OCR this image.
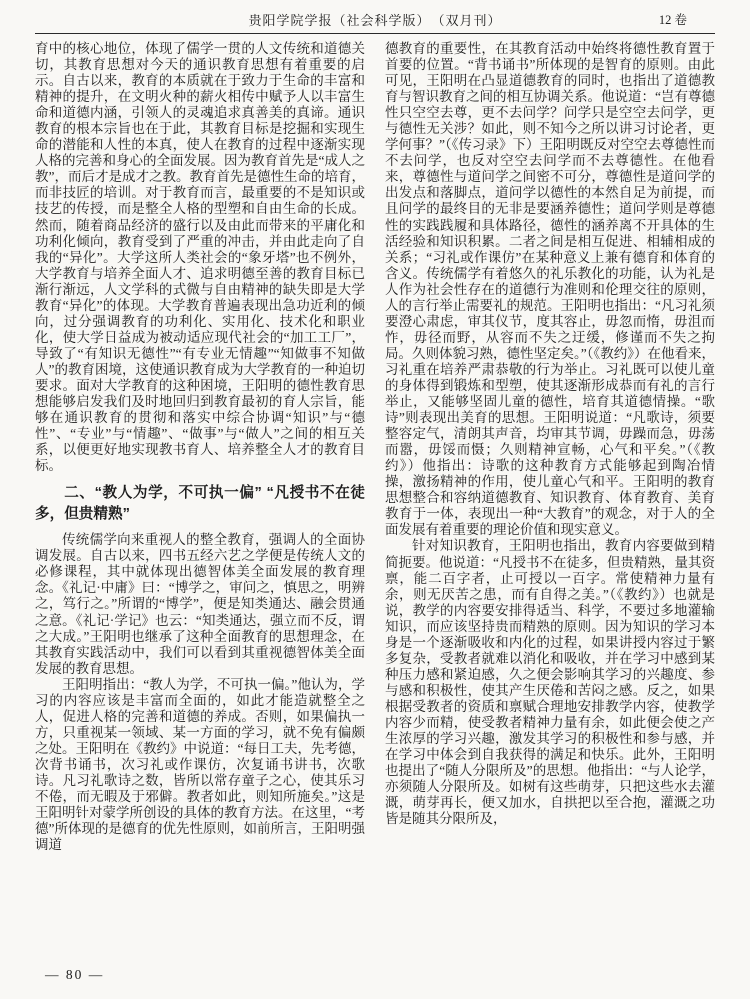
贵阳学院学报（社会科学版）　（双月刊）	12 卷

育中的核心地位，体现了儒学一贯的人文传统和道德关切，其教育思想对今天的通识教育思想有着重要的启示。自古以来，教育的本质就在于致力于生命的丰富和精神的提升，在文明火种的薪火相传中赋予人以丰富生命和道德内涵，引领人的灵魂追求真善美的真谛。通识教育的根本宗旨也在于此，其教育目标是挖掘和实现生命的潜能和人性的本真，使人在教育的过程中逐渐实现人格的完善和身心的全面发展。因为教育首先是“成人之教”，而后才是成才之教。教育首先是德性生命的培育，而非技匠的培训。对于教育而言，最重要的不是知识或技艺的传授，而是整全人格的型塑和自由生命的长成。然而，随着商品经济的盛行以及由此而带来的平庸化和功利化倾向，教育受到了严重的冲击，并由此走向了自我的“异化”。大学这所人类社会的“象牙塔”也不例外，大学教育与培养全面人才、追求明德至善的教育目标已渐行渐远，人文学科的式微与自由精神的缺失即是大学教育“异化”的体现。大学教育普遍表现出急功近利的倾向，过分强调教育的功利化、实用化、技术化和职业化，使大学日益成为被动适应现代社会的“加工工厂”，导致了“有知识无德性”“有专业无情趣”“知做事不知做人”的教育困境，这使通识教育成为大学教育的一种迫切要求。面对大学教育的这种困境，王阳明的德性教育思想能够启发我们及时地回归到教育最初的育人宗旨，能够在通识教育的贯彻和落实中综合协调“知识”与“德性”、“专业”与“情趣”、“做事”与“做人”之间的相互关系，以便更好地实现教书育人、培养整全人才的教育目标。

二、“教人为学，不可执一偏” “凡授书不在徒多，但贵精熟”

传统儒学向来重视人的整全教育，强调人的全面协调发展。自古以来，四书五经六艺之学便是传统人文的必修课程，其中就体现出德智体美全面发展的教育理念。《礼记·中庸》曰：“博学之，审问之，慎思之，明辨之，笃行之。”所谓的“博学”，便是知类通达、融会贯通之意。《礼记·学记》也云：“知类通达，强立而不反，谓之大成。”王阳明也继承了这种全面教育的思想理念，在其教育实践活动中，我们可以看到其重视德智体美全面发展的教育思想。

王阳明指出：“教人为学，不可执一偏。”他认为，学习的内容应该是丰富而全面的，如此才能造就整全之人，促进人格的完善和道德的养成。否则，如果偏执一方，只重视某一领域、某一方面的学习，就不免有偏颇之处。王阳明在《教约》中说道：“每日工夫，先考德，次背书诵书，次习礼或作课仿，次复诵书讲书，次歌诗。凡习礼歌诗之数，皆所以常存童子之心，使其乐习不倦，而无暇及于邪僻。教者如此，则知所施矣。”这是王阳明针对蒙学所创设的具体的教育方法。在这里，“考德”所体现的是德育的优先性原则，如前所言，王阳明强调道

德教育的重要性，在其教育活动中始终将德性教育置于首要的位置。“背书诵书”所体现的是智育的原则。由此可见，王阳明在凸显道德教育的同时，也指出了道德教育与智识教育之间的相互协调关系。他说道：“岂有尊德性只空空去尊，更不去问学？问学只是空空去问学，更与德性无关涉？如此，则不知今之所以讲习讨论者，更学何事？”（《传习录》下）王阳明既反对空空去尊德性而不去问学，也反对空空去问学而不去尊德性。在他看来，尊德性与道问学之间密不可分，尊德性是道问学的出发点和落脚点，道问学以德性的本然自足为前提，而且问学的最终目的无非是要涵养德性；道问学则是尊德性的实践践履和具体路径，德性的涵养离不开具体的生活经验和知识积累。二者之间是相互促进、相辅相成的关系；“习礼或作课仿”在某种意义上兼有德育和体育的含义。传统儒学有着悠久的礼乐教化的功能，认为礼是人作为社会性存在的道德行为准则和伦理交往的原则，人的言行举止需要礼的规范。王阳明也指出：“凡习礼须要澄心肃虑，审其仪节，度其容止，毋忽而惰，毋沮而怍，毋径而野，从容而不失之迂缓，修谨而不失之拘局。久则体貌习熟，德性坚定矣。”（《教约》）在他看来，习礼重在培养严肃恭敬的行为举止。习礼既可以使儿童的身体得到锻炼和型塑，使其逐渐形成恭而有礼的言行举止，又能够坚固儿童的德性，培育其道德情操。“歌诗”则表现出美育的思想。王阳明说道：“凡歌诗，须要整容定气，清朗其声音，均审其节调，毋躁而急，毋荡而嚣，毋馁而慑；久则精神宣畅，心气和平矣。”（《教约》）他指出：诗歌的这种教育方式能够起到陶冶情操，激扬精神的作用，使儿童心气和平。王阳明的教育思想整合和容纳道德教育、知识教育、体育教育、美育教育于一体，表现出一种“大教育”的观念，对于人的全面发展有着重要的理论价值和现实意义。

针对知识教育，王阳明也指出，教育内容要做到精简扼要。他说道：“凡授书不在徒多，但贵精熟，量其资禀，能二百字者，止可授以一百字。常使精神力量有余，则无厌苦之患，而有自得之美。”（《教约》）也就是说，教学的内容要安排得适当、科学，不要过多地灌输知识，而应该坚持贵而精熟的原则。因为知识的学习本身是一个逐渐吸收和内化的过程，如果讲授内容过于繁多复杂，受教者就难以消化和吸收，并在学习中感到某种压力感和紧迫感，久之便会影响其学习的兴趣度、参与感和积极性，使其产生厌倦和苦闷之感。反之，如果根据受教者的资质和禀赋合理地安排教学内容，使教学内容少而精，使受教者精神力量有余，如此便会使之产生浓厚的学习兴趣，激发其学习的积极性和参与感，并在学习中体会到自我获得的满足和快乐。此外，王阳明也提出了“随人分限所及”的思想。他指出：“与人论学，亦须随人分限所及。如树有这些萌芽，只把这些水去灌溉，萌芽再长，便又加水，自拱把以至合抱，灌溉之功皆是随其分限所及，

— 80 —
